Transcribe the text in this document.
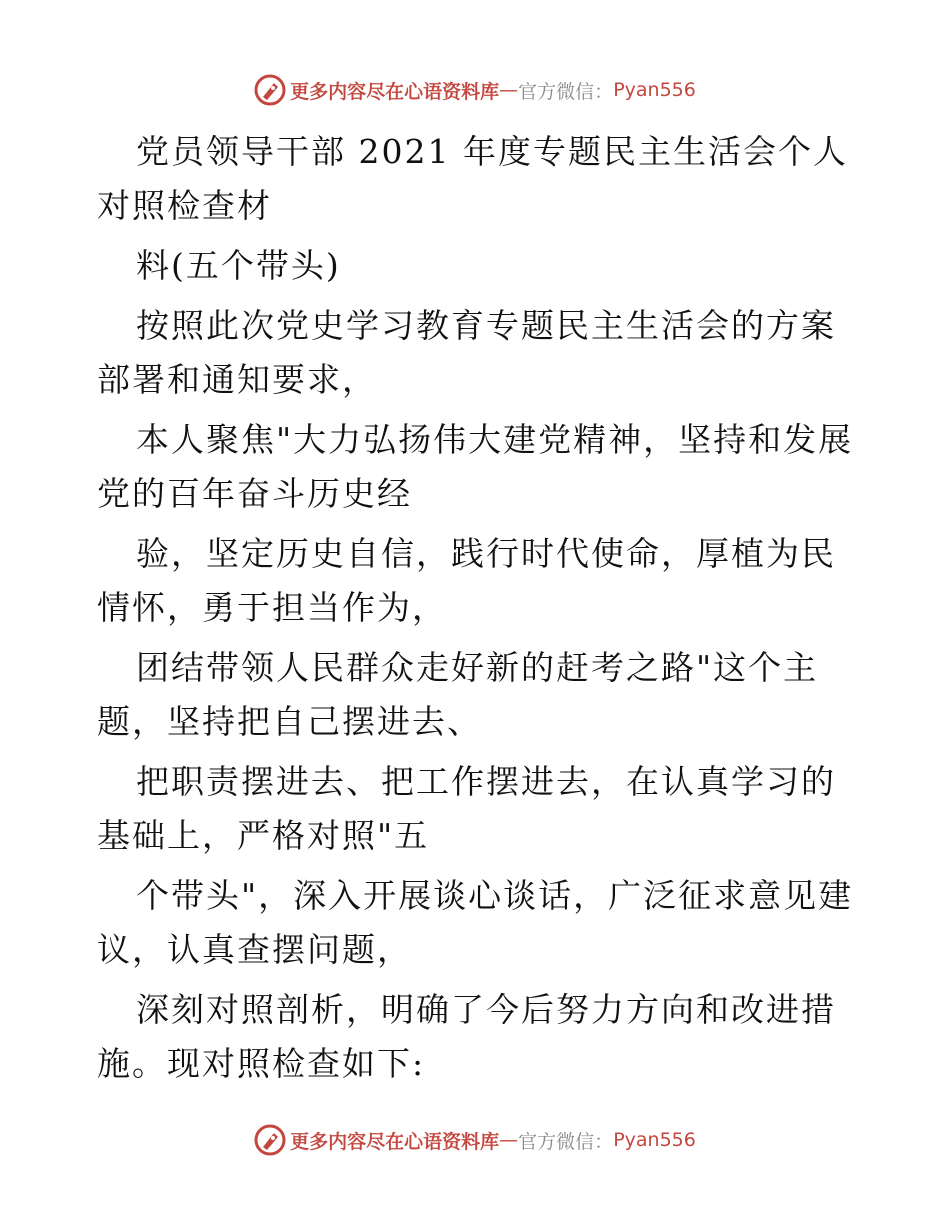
更多内容尽在心语资料库 — 官方微信： Pyan556

党员领导干部 2021 年度专题民主生活会个人对照检查材

料(五个带头)

按照此次党史学习教育专题民主生活会的方案部署和通知要求，

本人聚焦"大力弘扬伟大建党精神，坚持和发展党的百年奋斗历史经

验，坚定历史自信，践行时代使命，厚植为民情怀，勇于担当作为，

团结带领人民群众走好新的赶考之路"这个主题，坚持把自己摆进去、

把职责摆进去、把工作摆进去，在认真学习的基础上，严格对照"五

个带头"，深入开展谈心谈话，广泛征求意见建议，认真查摆问题，

深刻对照剖析，明确了今后努力方向和改进措施。现对照检查如下:

更多内容尽在心语资料库 — 官方微信： Pyan556
